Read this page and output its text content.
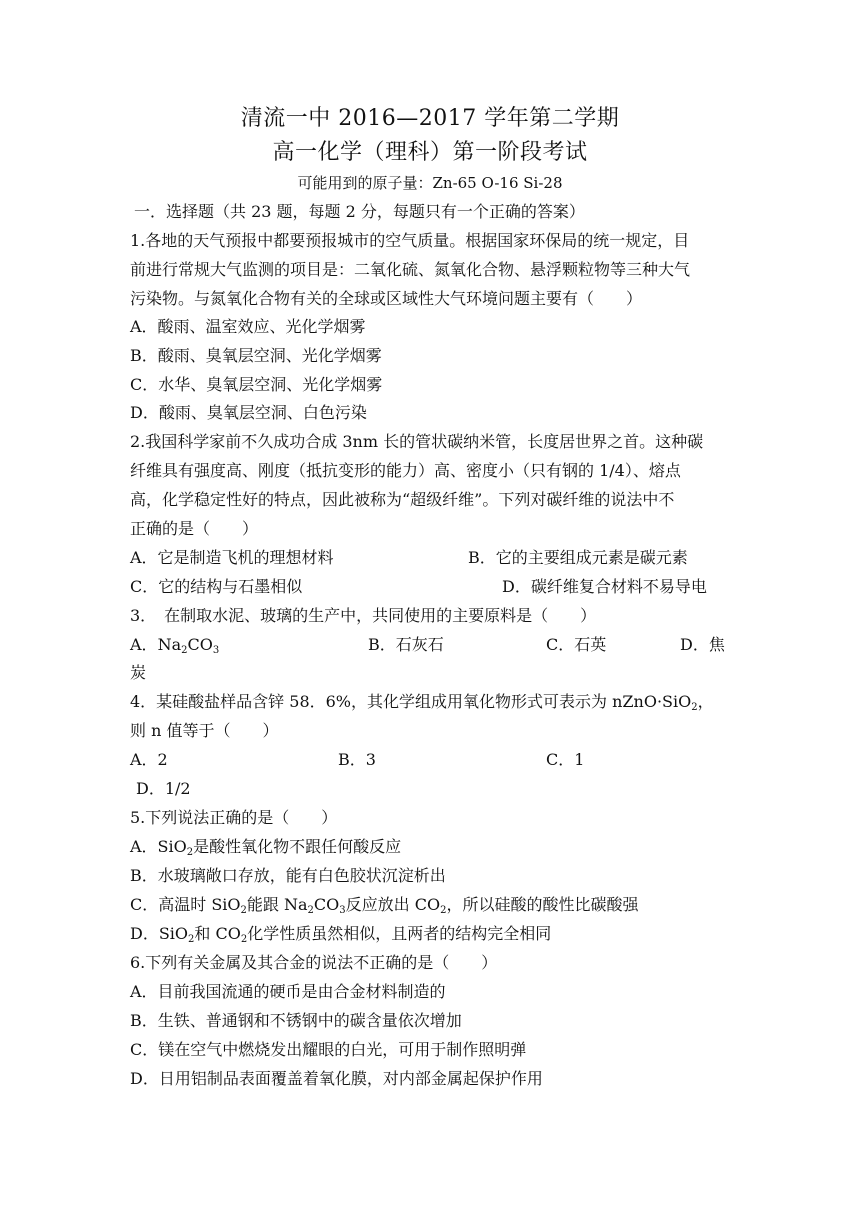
清流一中 2016—2017 学年第二学期
高一化学（理科）第一阶段考试
可能用到的原子量：Zn-65 O-16 Si-28
一．选择题（共 23 题，每题 2 分，每题只有一个正确的答案）
1.各地的天气预报中都要预报城市的空气质量。根据国家环保局的统一规定，目
前进行常规大气监测的项目是：二氧化硫、氮氧化合物、悬浮颗粒物等三种大气
污染物。与氮氧化合物有关的全球或区域性大气环境问题主要有（　　）
A．酸雨、温室效应、光化学烟雾
B．酸雨、臭氧层空洞、光化学烟雾
C．水华、臭氧层空洞、光化学烟雾
D．酸雨、臭氧层空洞、白色污染
2.我国科学家前不久成功合成 3nm 长的管状碳纳米管，长度居世界之首。这种碳
纤维具有强度高、刚度（抵抗变形的能力）高、密度小（只有钢的 1/4）、熔点
高，化学稳定性好的特点，因此被称为“超级纤维”。下列对碳纤维的说法中不
正确的是（　　）
A．它是制造飞机的理想材料	B．它的主要组成元素是碳元素
C．它的结构与石墨相似	D．碳纤维复合材料不易导电
3．　在制取水泥、玻璃的生产中，共同使用的主要原料是（　　）
A．$Na_2CO_3$	B．石灰石	C．石英	D．焦
炭
4．某硅酸盐样品含锌 58．6%，其化学组成用氧化物形式可表示为 nZnO·SiO$_2$，
则 n 值等于（　　）
A．2	B．3	C．1
D．1/2
5.下列说法正确的是（　　）
A．SiO$_2$是酸性氧化物不跟任何酸反应
B．水玻璃敞口存放，能有白色胶状沉淀析出
C．高温时 SiO$_2$能跟 $Na_2CO_3$反应放出 $CO_2$，所以硅酸的酸性比碳酸强
D．SiO$_2$和 $CO_2$化学性质虽然相似，且两者的结构完全相同
6.下列有关金属及其合金的说法不正确的是（　　）
A．目前我国流通的硬币是由合金材料制造的
B．生铁、普通钢和不锈钢中的碳含量依次增加
C．镁在空气中燃烧发出耀眼的白光，可用于制作照明弹
D．日用铝制品表面覆盖着氧化膜，对内部金属起保护作用
